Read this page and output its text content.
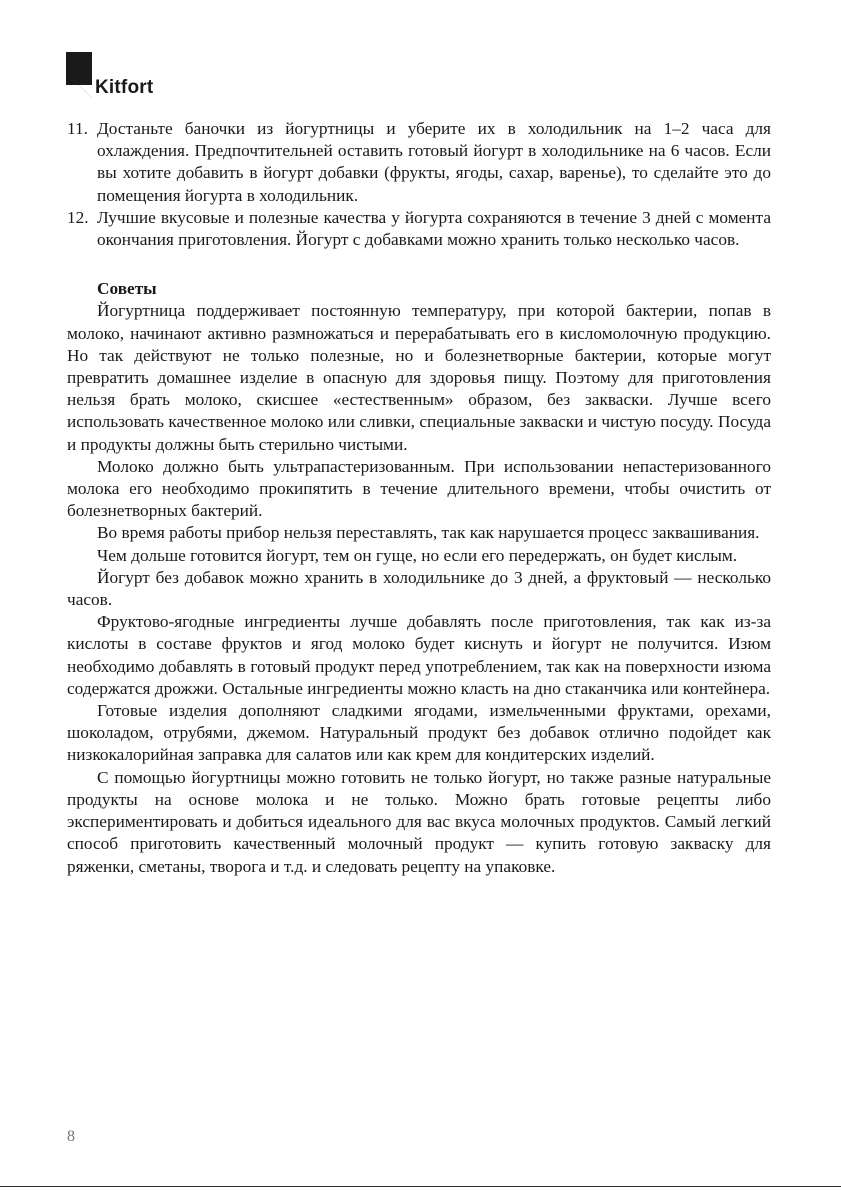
Kitfort
11. Достаньте баночки из йогуртницы и уберите их в холодильник на 1–2 часа для охлаждения. Предпочтительней оставить готовый йогурт в холодильнике на 6 часов. Если вы хотите добавить в йогурт добавки (фрукты, ягоды, сахар, варенье), то сделайте это до помещения йогурта в холодильник.
12. Лучшие вкусовые и полезные качества у йогурта сохраняются в течение 3 дней с момента окончания приготовления. Йогурт с добавками можно хранить только несколько часов.
Советы

Йогуртница поддерживает постоянную температуру, при которой бактерии, попав в молоко, начинают активно размножаться и перерабатывать его в кисломолочную продукцию. Но так действуют не только полезные, но и болезнетворные бактерии, которые могут превратить домашнее изделие в опасную для здоровья пищу. Поэтому для приготовления нельзя брать молоко, скисшее «естественным» образом, без закваски. Лучше всего использовать качественное молоко или сливки, специальные закваски и чистую посуду. Посуда и продукты должны быть стерильно чистыми.

Молоко должно быть ультрапастеризованным. При использовании непастеризованного молока его необходимо прокипятить в течение длительного времени, чтобы очистить от болезнетворных бактерий.

Во время работы прибор нельзя переставлять, так как нарушается процесс заквашивания.

Чем дольше готовится йогурт, тем он гуще, но если его передержать, он будет кислым.

Йогурт без добавок можно хранить в холодильнике до 3 дней, а фруктовый — несколько часов.

Фруктово-ягодные ингредиенты лучше добавлять после приготовления, так как из-за кислоты в составе фруктов и ягод молоко будет киснуть и йогурт не получится. Изюм необходимо добавлять в готовый продукт перед употреблением, так как на поверхности изюма содержатся дрожжи. Остальные ингредиенты можно класть на дно стаканчика или контейнера.

Готовые изделия дополняют сладкими ягодами, измельченными фруктами, орехами, шоколадом, отрубями, джемом. Натуральный продукт без добавок отлично подойдет как низкокалорийная заправка для салатов или как крем для кондитерских изделий.

С помощью йогуртницы можно готовить не только йогурт, но также разные натуральные продукты на основе молока и не только. Можно брать готовые рецепты либо экспериментировать и добиться идеального для вас вкуса молочных продуктов. Самый легкий способ приготовить качественный молочный продукт — купить готовую закваску для ряженки, сметаны, творога и т.д. и следовать рецепту на упаковке.

8
